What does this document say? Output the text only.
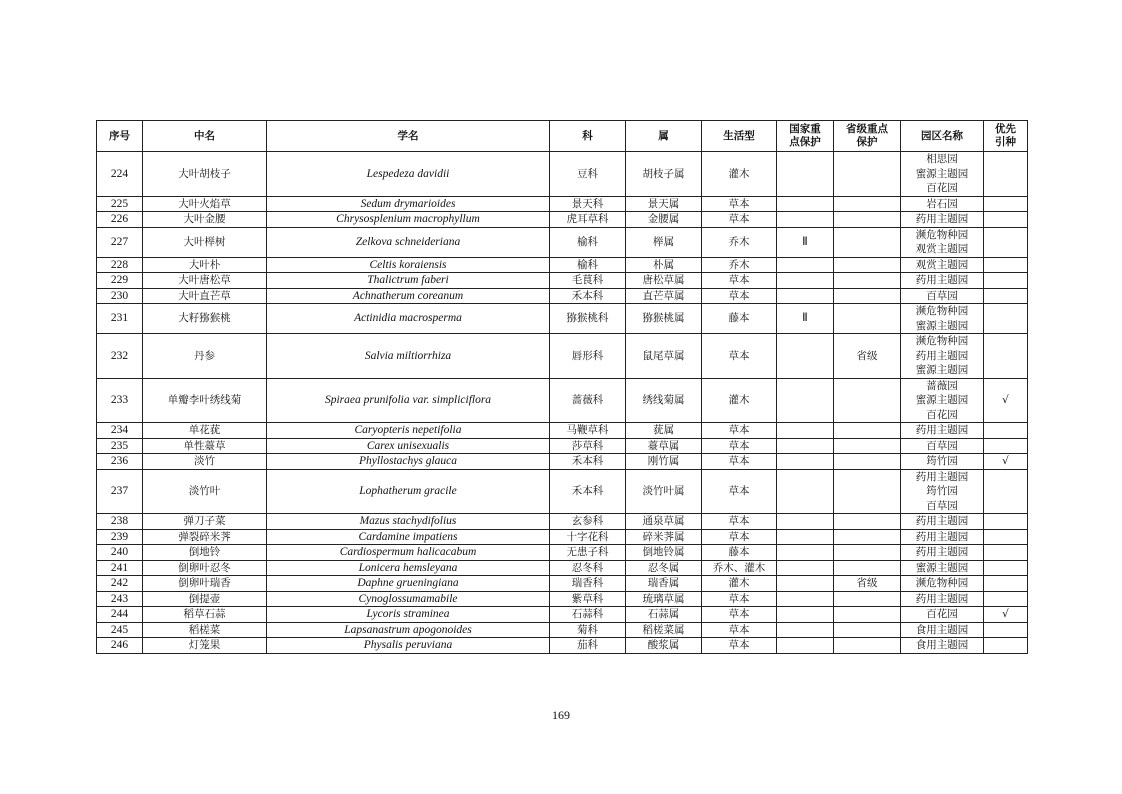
序号	中名	学名	科	属	生活型	国家重
点保护	省级重点
保护	园区名称	优先
引种
224	大叶胡枝子	Lespedeza davidii	豆科	胡枝子属	灌木			相思园
蜜源主题园
百花园	

225	大叶火焰草	Sedum drymarioides	景天科	景天属	草本			岩石园	

226	大叶金腰	Chrysosplenium macrophyllum	虎耳草科	金腰属	草本			药用主题园	

227	大叶榉树	Zelkova schneideriana	榆科	榉属	乔木	Ⅱ		濒危物种园
观赏主题园	

228	大叶朴	Celtis koraiensis	榆科	朴属	乔木			观赏主题园	

229	大叶唐松草	Thalictrum faberi	毛茛科	唐松草属	草本			药用主题园	

230	大叶直芒草	Achnatherum coreanum	禾本科	直芒草属	草本			百草园	

231	大籽猕猴桃	Actinidia macrosperma	猕猴桃科	猕猴桃属	藤本	Ⅱ		濒危物种园
蜜源主题园	

232	丹参	Salvia miltiorrhiza	唇形科	鼠尾草属	草本		省级	濒危物种园
药用主题园
蜜源主题园	

233	单瓣李叶绣线菊	Spiraea prunifolia var. simpliciflora	蔷薇科	绣线菊属	灌木			蔷薇园
蜜源主题园
百花园	√
234	单花莸	Caryopteris nepetifolia	马鞭草科	莸属	草本			药用主题园	

235	单性薹草	Carex unisexualis	莎草科	薹草属	草本			百草园	

236	淡竹	Phyllostachys glauca	禾本科	刚竹属	草本			筠竹园	√
237	淡竹叶	Lophatherum gracile	禾本科	淡竹叶属	草本			药用主题园
筠竹园
百草园	

238	弹刀子菜	Mazus stachydifolius	玄参科	通泉草属	草本			药用主题园	

239	弹裂碎米荠	Cardamine impatiens	十字花科	碎米荠属	草本			药用主题园	

240	倒地铃	Cardiospermum halicacabum	无患子科	倒地铃属	藤本			药用主题园	

241	倒卵叶忍冬	Lonicera hemsleyana	忍冬科	忍冬属	乔木、灌木			蜜源主题园	

242	倒卵叶瑞香	Daphne grueningiana	瑞香科	瑞香属	灌木		省级	濒危物种园	

243	倒提壶	Cynoglossumamabile	紫草科	琉璃草属	草本			药用主题园	

244	稻草石蒜	Lycoris straminea	石蒜科	石蒜属	草本			百花园	√
245	稻槎菜	Lapsanastrum apogonoides	菊科	稻槎菜属	草本			食用主题园	

246	灯笼果	Physalis peruviana	茄科	酸浆属	草本			食用主题园	

169
